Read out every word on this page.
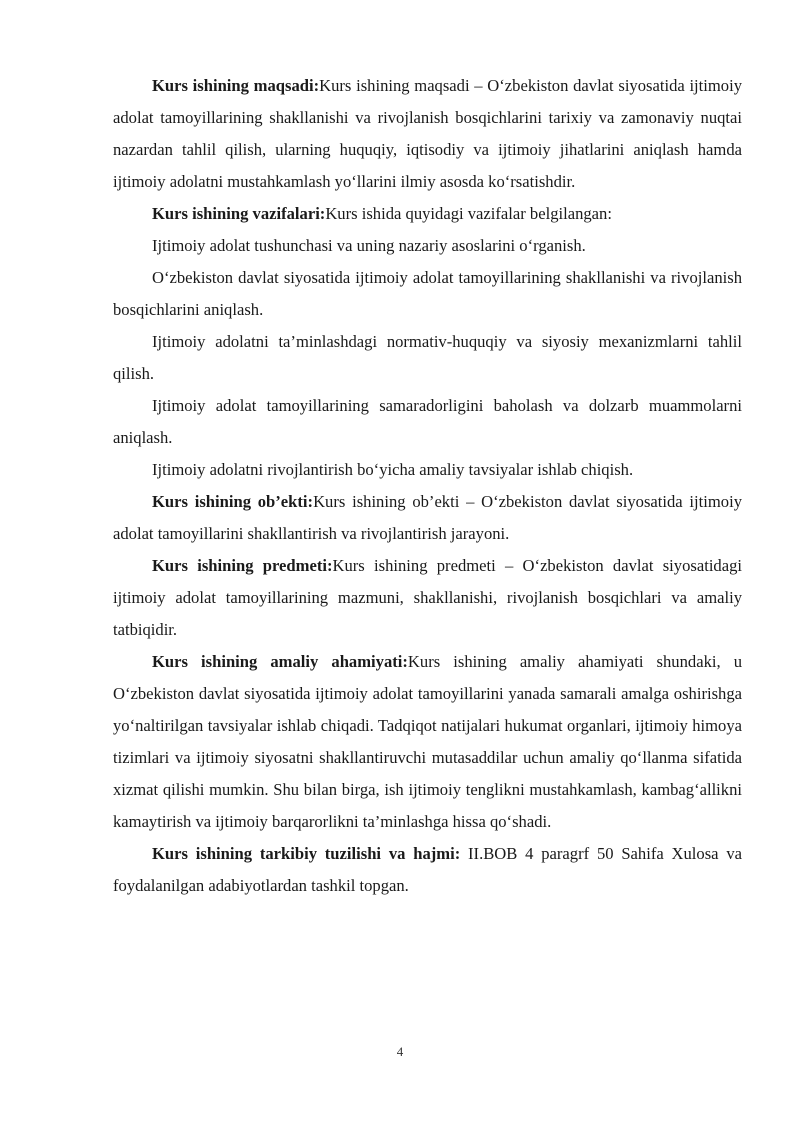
Kurs ishining maqsadi:Kurs ishining maqsadi – O‘zbekiston davlat siyosatida ijtimoiy adolat tamoyillarining shakllanishi va rivojlanish bosqichlarini tarixiy va zamonaviy nuqtai nazardan tahlil qilish, ularning huquqiy, iqtisodiy va ijtimoiy jihatlarini aniqlash hamda ijtimoiy adolatni mustahkamlash yo‘llarini ilmiy asosda ko‘rsatishdir.

Kurs ishining vazifalari:Kurs ishida quyidagi vazifalar belgilangan:

Ijtimoiy adolat tushunchasi va uning nazariy asoslarini o‘rganish.

O‘zbekiston davlat siyosatida ijtimoiy adolat tamoyillarining shakllanishi va rivojlanish bosqichlarini aniqlash.

Ijtimoiy adolatni ta’minlashdagi normativ-huquqiy va siyosiy mexanizmlarni tahlil qilish.

Ijtimoiy adolat tamoyillarining samaradorligini baholash va dolzarb muammolarni aniqlash.

Ijtimoiy adolatni rivojlantirish bo‘yicha amaliy tavsiyalar ishlab chiqish.

Kurs ishining ob’ekti:Kurs ishining ob’ekti – O‘zbekiston davlat siyosatida ijtimoiy adolat tamoyillarini shakllantirish va rivojlantirish jarayoni.

Kurs ishining predmeti:Kurs ishining predmeti – O‘zbekiston davlat siyosatidagi ijtimoiy adolat tamoyillarining mazmuni, shakllanishi, rivojlanish bosqichlari va amaliy tatbiqidir.

Kurs ishining amaliy ahamiyati:Kurs ishining amaliy ahamiyati shundaki, u O‘zbekiston davlat siyosatida ijtimoiy adolat tamoyillarini yanada samarali amalga oshirishga yo‘naltirilgan tavsiyalar ishlab chiqadi. Tadqiqot natijalari hukumat organlari, ijtimoiy himoya tizimlari va ijtimoiy siyosatni shakllantiruvchi mutasaddilar uchun amaliy qo‘llanma sifatida xizmat qilishi mumkin. Shu bilan birga, ish ijtimoiy tenglikni mustahkamlash, kambag‘allikni kamaytirish va ijtimoiy barqarorlikni ta’minlashga hissa qo‘shadi.

Kurs ishining tarkibiy tuzilishi va hajmi: II.BOB 4 paragrf 50 Sahifa Xulosa va foydalanilgan adabiyotlardan tashkil topgan.

4
